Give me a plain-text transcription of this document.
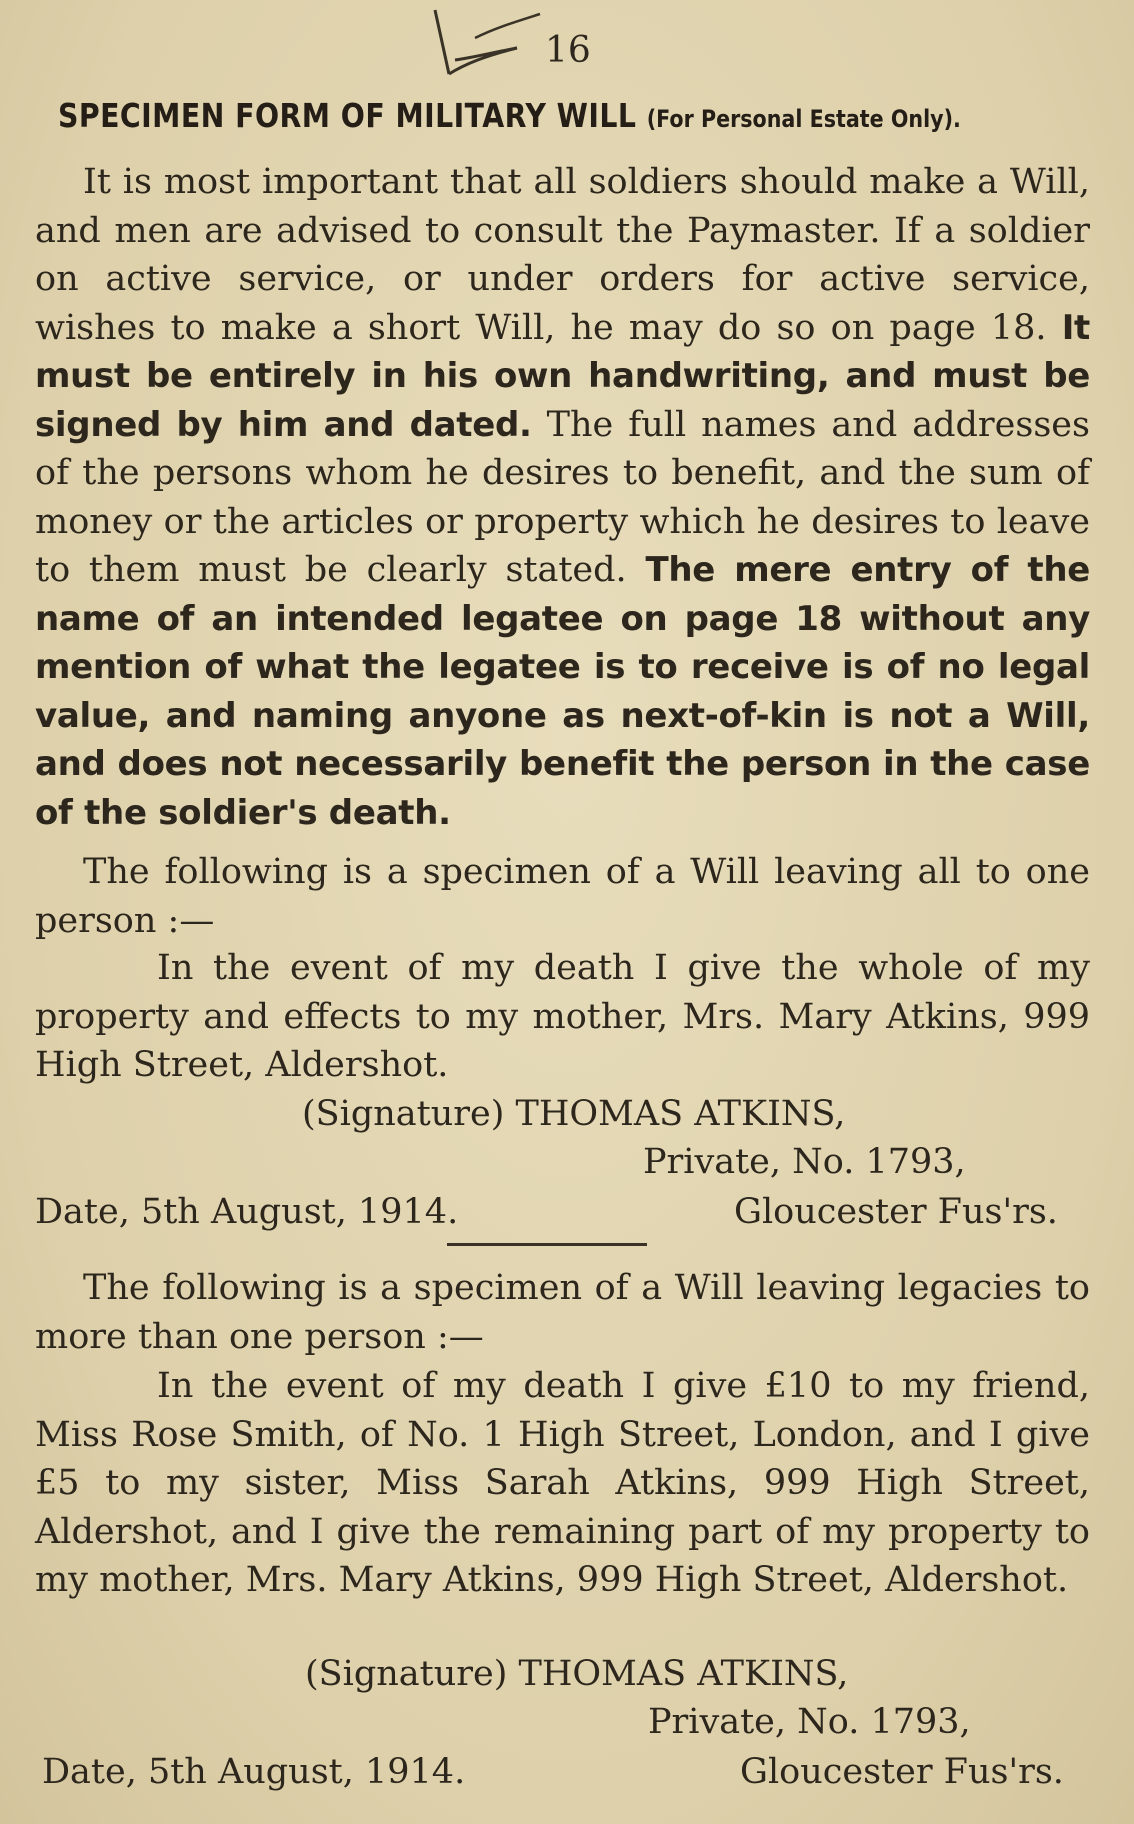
16
SPECIMEN FORM OF MILITARY WILL (For Personal Estate Only).
It is most important that all soldiers should make a Will, and men are advised to consult the Paymaster. If a soldier on active service, or under orders for active service, wishes to make a short Will, he may do so on page 18. It must be entirely in his own handwriting, and must be signed by him and dated. The full names and addresses of the persons whom he desires to benefit, and the sum of money or the articles or property which he desires to leave to them must be clearly stated. The mere entry of the name of an intended legatee on page 18 without any mention of what the legatee is to receive is of no legal value, and naming anyone as next-of-kin is not a Will, and does not necessarily benefit the person in the case of the soldier's death.
The following is a specimen of a Will leaving all to one person :—
In the event of my death I give the whole of my property and effects to my mother, Mrs. Mary Atkins, 999 High Street, Aldershot.
(Signature) THOMAS ATKINS,
Private, No. 1793,
Date, 5th August, 1914.	Gloucester Fus'rs.
The following is a specimen of a Will leaving legacies to more than one person :—
In the event of my death I give £10 to my friend, Miss Rose Smith, of No. 1 High Street, London, and I give £5 to my sister, Miss Sarah Atkins, 999 High Street, Aldershot, and I give the remaining part of my property to my mother, Mrs. Mary Atkins, 999 High Street, Aldershot.
(Signature) THOMAS ATKINS,
Private, No. 1793,
Date, 5th August, 1914.	Gloucester Fus'rs.
